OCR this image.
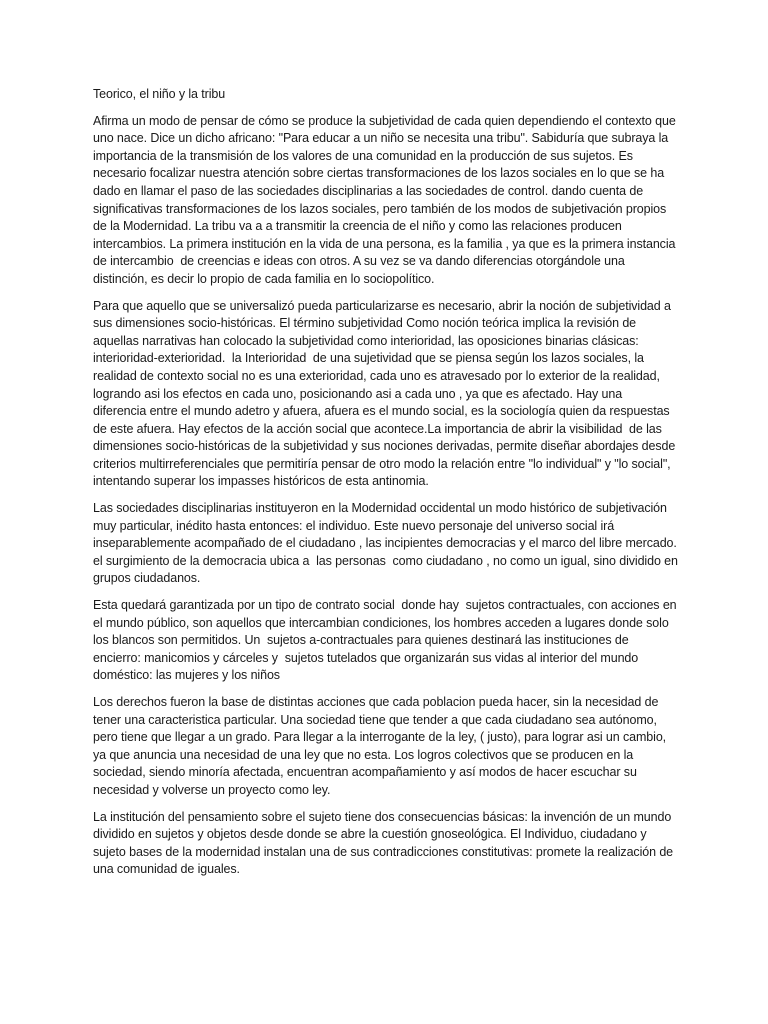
Teorico, el niño y la tribu

Afirma un modo de pensar de cómo se produce la subjetividad de cada quien dependiendo el contexto que uno nace. Dice un dicho africano: "Para educar a un niño se necesita una tribu". Sabiduría que subraya la importancia de la transmisión de los valores de una comunidad en la producción de sus sujetos. Es necesario focalizar nuestra atención sobre ciertas transformaciones de los lazos sociales en lo que se ha dado en llamar el paso de las sociedades disciplinarias a las sociedades de control. dando cuenta de significativas transformaciones de los lazos sociales, pero también de los modos de subjetivación propios de la Modernidad. La tribu va a a transmitir la creencia de el niño y como las relaciones producen intercambios. La primera institución en la vida de una persona, es la familia , ya que es la primera instancia de intercambio  de creencias e ideas con otros. A su vez se va dando diferencias otorgándole una distinción, es decir lo propio de cada familia en lo sociopolítico.

Para que aquello que se universalizó pueda particularizarse es necesario, abrir la noción de subjetividad a sus dimensiones socio-históricas. El término subjetividad Como noción teórica implica la revisión de aquellas narrativas han colocado la subjetividad como interioridad, las oposiciones binarias clásicas: interioridad-exterioridad.  la Interioridad  de una sujetividad que se piensa según los lazos sociales, la realidad de contexto social no es una exterioridad, cada uno es atravesado por lo exterior de la realidad, logrando asi los efectos en cada uno, posicionando asi a cada uno , ya que es afectado. Hay una diferencia entre el mundo adetro y afuera, afuera es el mundo social, es la sociología quien da respuestas de este afuera. Hay efectos de la acción social que acontece.La importancia de abrir la visibilidad  de las dimensiones socio-históricas de la subjetividad y sus nociones derivadas, permite diseñar abordajes desde criterios multirreferenciales que permitiría pensar de otro modo la relación entre "lo individual" y "lo social", intentando superar los impasses históricos de esta antinomia.

Las sociedades disciplinarias instituyeron en la Modernidad occidental un modo histórico de subjetivación muy particular, inédito hasta entonces: el individuo. Este nuevo personaje del universo social irá inseparablemente acompañado de el ciudadano , las incipientes democracias y el marco del libre mercado. el surgimiento de la democracia ubica a  las personas  como ciudadano , no como un igual, sino dividido en grupos ciudadanos.

Esta quedará garantizada por un tipo de contrato social  donde hay  sujetos contractuales, con acciones en el mundo público, son aquellos que intercambian condiciones, los hombres acceden a lugares donde solo los blancos son permitidos. Un  sujetos a-contractuales para quienes destinará las instituciones de encierro: manicomios y cárceles y  sujetos tutelados que organizarán sus vidas al interior del mundo doméstico: las mujeres y los niños

Los derechos fueron la base de distintas acciones que cada poblacion pueda hacer, sin la necesidad de tener una caracteristica particular. Una sociedad tiene que tender a que cada ciudadano sea autónomo, pero tiene que llegar a un grado. Para llegar a la interrogante de la ley, ( justo), para lograr asi un cambio, ya que anuncia una necesidad de una ley que no esta. Los logros colectivos que se producen en la sociedad, siendo minoría afectada, encuentran acompañamiento y así modos de hacer escuchar su necesidad y volverse un proyecto como ley.

La institución del pensamiento sobre el sujeto tiene dos consecuencias básicas: la invención de un mundo dividido en sujetos y objetos desde donde se abre la cuestión gnoseológica. El Individuo, ciudadano y sujeto bases de la modernidad instalan una de sus contradicciones constitutivas: promete la realización de una comunidad de iguales.
